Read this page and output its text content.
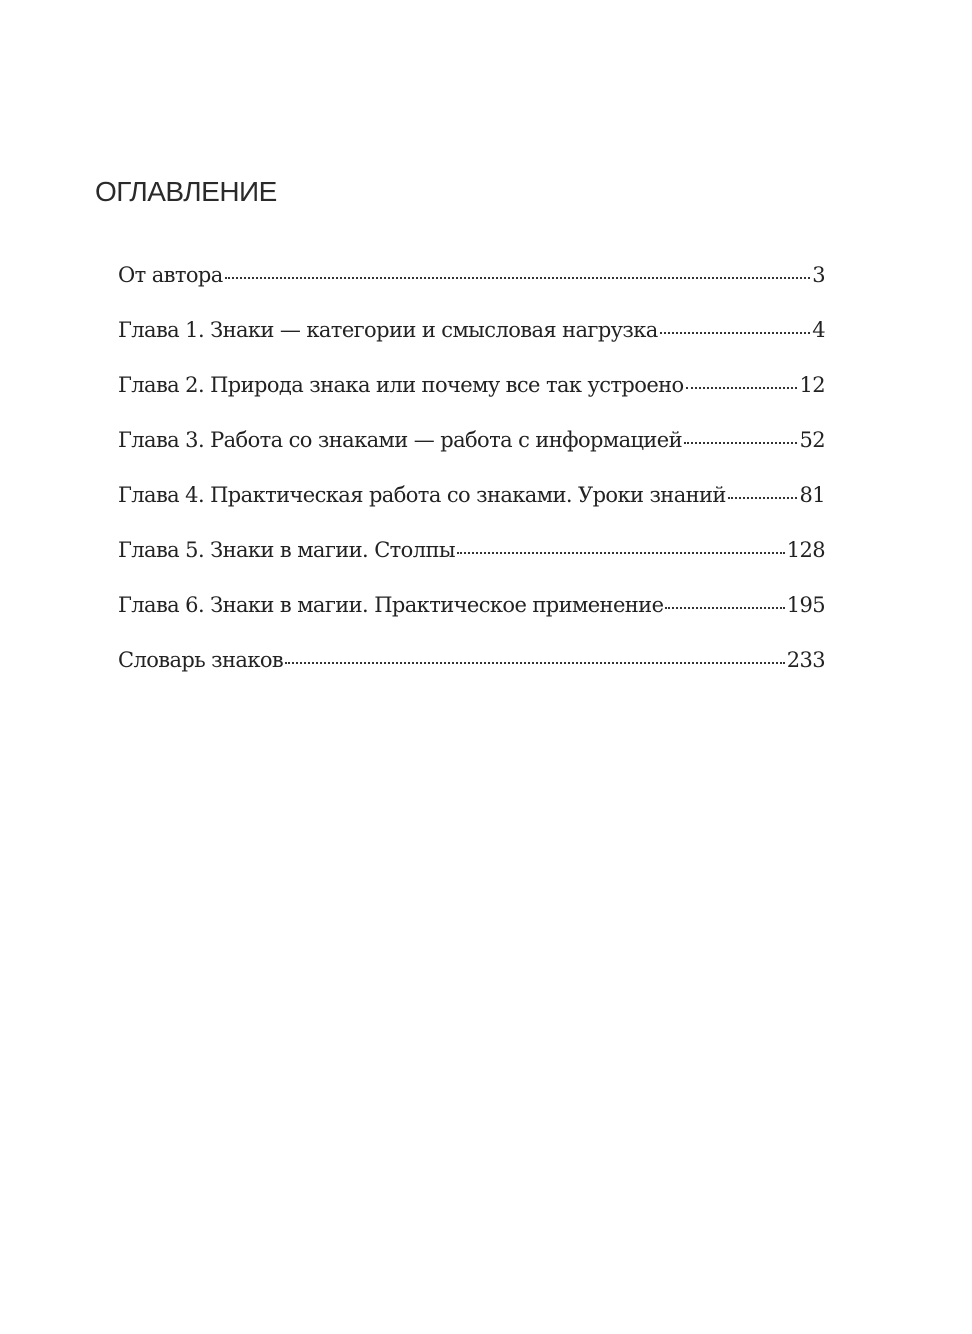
ОГЛАВЛЕНИЕ
От автора	3
Глава 1. Знаки — категории и смысловая нагрузка	4
Глава 2. Природа знака или почему все так устроено	12
Глава 3. Работа со знаками — работа с информацией	52
Глава 4. Практическая работа со знаками. Уроки знаний	81
Глава 5. Знаки в магии. Столпы	128
Глава 6. Знаки в магии. Практическое применение	195
Словарь знаков	233
